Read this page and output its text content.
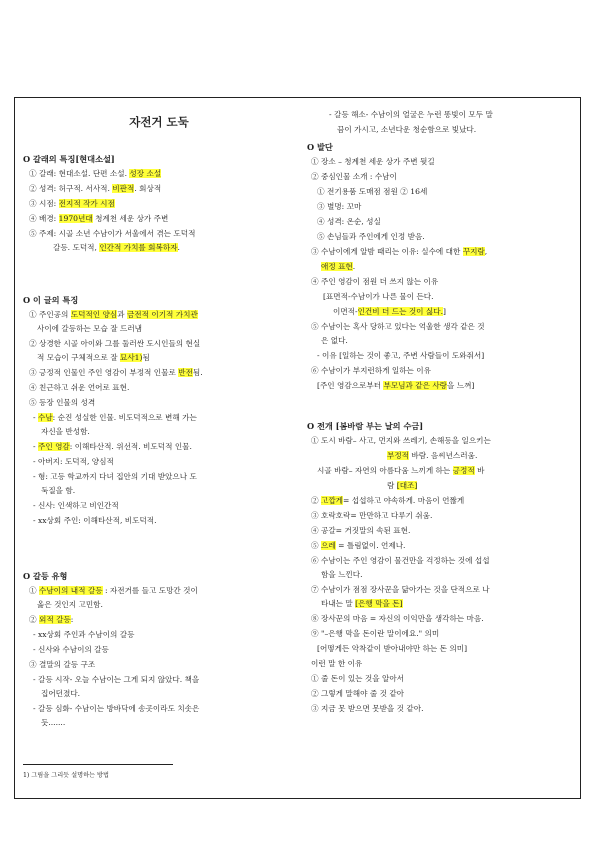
자전거 도둑
O 갈래의 특징[현대소설]
① 갈래: 현대소설. 단편 소설. 성장 소설
② 성격: 허구적. 서사적. 비판적. 회상적
③ 시점: 전지적 작가 시점
④ 배경: 1970년대 청계천 세운 상가 주변
⑤ 주제: 시골 소년 수남이가 서울에서 겪는 도덕적
갈등. 도덕적, 인간적 가치를 회복하자.
O 이 글의 특징
① 주인공의 도덕적인 양심과 금전적 이기적 가치관
사이에 갈등하는 모습 잘 드러냄
② 상경한 시골 아이와 그를 둘러싼 도시인들의 현실
적 모습이 구체적으로 잘 묘사1)됨
③ 긍정적 인물인 주인 영감이 부정적 인물로 반전됨.
④ 친근하고 쉬운 언어로 표현.
⑤ 등장 인물의 성격
- 수남: 순진 성실한 인물. 비도덕적으로 변해 가는
자신을 반성함.
- 주인 영감: 이해타산적. 위선적. 비도덕적 인물.
- 아버지: 도덕적, 양심적
- 형: 고등 학교까지 다녀 집안의 기대 받았으나 도
둑질을 함.
- 신사: 인색하고 비인간적
- xx상회 주인: 이해타산적, 비도덕적.
O 갈등 유형
① 수남이의 내적 갈등 : 자전거를 들고 도망간 것이
옳은 것인지 고민함.
② 외적 갈등:
- xx상회 주인과 수남이의 갈등
- 신사와 수남이의 갈등
③ 결말의 갈등 구조
- 갈등 시작- 오늘 수남이는 그게 되지 않았다. 책을
집어던졌다.
- 갈등 심화- 수남이는 방바닥에 송곳이라도 치솟은
듯.......
- 갈등 해소- 수남이의 얼굴은 누런 똥빛이 모두 말
끔이 가시고, 소년다운 청순함으로 빛났다.
O 발단
① 장소 – 청계천 세운 상가 주변 뒷길
② 중심인물 소개 : 수남이
① 전기용품 도매점 점원 ② 16세
③ 별명: 꼬마
④ 성격: 온순, 성실
⑤ 손님들과 주인에게 인정 받음.
③ 수남이에게 알밤 때리는 이유: 실수에 대한 꾸지람,
애정 표현.
④ 주인 영감이 점원 더 쓰지 않는 이유
[표면적-수남이가 나른 물이 든다.
이면적-인건비 더 드는 것이 싫다.]
⑤ 수남이는 혹사 당하고 있다는 억울한 생각 같은 것
은 없다.
- 이유 [일하는 것이 좋고, 주변 사람들이 도와줘서]
⑥ 수남이가 부지런하게 일하는 이유
[주인 영감으로부터 부모님과 같은 사랑을 느껴]
O 전개 [봄바람 부는 날의 수금]
① 도시 바람– 사고, 먼지와 쓰레기, 손해등을 일으키는
부정적 바람. 음씨년스러움.
시골 바람– 자연의 아름다움 느끼게 하는 긍정적 바
람 [대조]
② 고깝게= 섭섭하고 야속하게. 마음이 언짢게
③ 호락호락= 만만하고 다루기 쉬움.
④ 공갈= 거짓말의 속된 표현.
⑤ 으레 = 틀림없이. 언제나.
⑥ 수남이는 주인 영감이 물건만을 걱정하는 것에 섭섭
함을 느낀다.
⑦ 수남이가 점점 장사꾼을 닮아가는 것을 단적으로 나
타내는 말 [은행 막을 돈]
⑧ 장사꾼의 마음 = 자신의 이익만을 생각하는 마음.
⑨ "–은행 막을 돈이란 말이에요." 의미
[어떻게든 악착같이 받아내야만 하는 돈 의미]
이런 말 한 이유
① 줄 돈이 있는 것을 알아서
② 그렇게 말해야 줄 것 같아
③ 지금 못 받으면 못받을 것 같아.
1) 그림을 그리듯 설명하는 방법
